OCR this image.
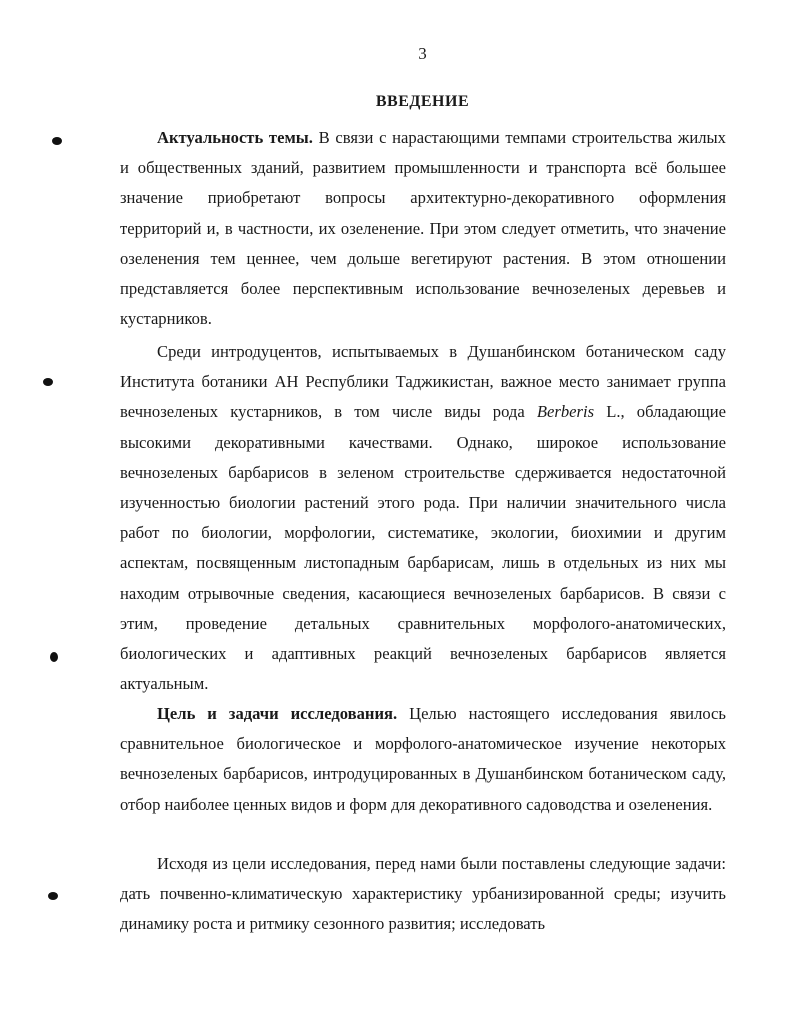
3
ВВЕДЕНИЕ

Актуальность темы. В связи с нарастающими темпами строительства жилых и общественных зданий, развитием промышленности и транспорта всё большее значение приобретают вопросы архитектурно-декоративного оформления территорий и, в частности, их озеленение. При этом следует отметить, что значение озеленения тем ценнее, чем дольше вегетируют растения. В этом отношении представляется более перспективным использование вечнозеленых деревьев и кустарников.

Среди интродуцентов, испытываемых в Душанбинском ботаническом саду Института ботаники АН Республики Таджикистан, важное место занимает группа вечнозеленых кустарников, в том числе виды рода Berberis L., обладающие высокими декоративными качествами. Однако, широкое использование вечнозеленых барбарисов в зеленом строительстве сдерживается недостаточной изученностью биологии растений этого рода. При наличии значительного числа работ по биологии, морфологии, систематике, экологии, биохимии и другим аспектам, посвященным листопадным барбарисам, лишь в отдельных из них мы находим отрывочные сведения, касающиеся вечнозеленых барбарисов. В связи с этим, проведение детальных сравнительных морфолого-анатомических, биологических и адаптивных реакций вечнозеленых барбарисов является актуальным.

Цель и задачи исследования. Целью настоящего исследования явилось сравнительное биологическое и морфолого-анатомическое изучение некоторых вечнозеленых барбарисов, интродуцированных в Душанбинском ботаническом саду, отбор наиболее ценных видов и форм для декоративного садоводства и озеленения.

Исходя из цели исследования, перед нами были поставлены следующие задачи: дать почвенно-климатическую характеристику урбанизированной среды; изучить динамику роста и ритмику сезонного развития; исследовать
